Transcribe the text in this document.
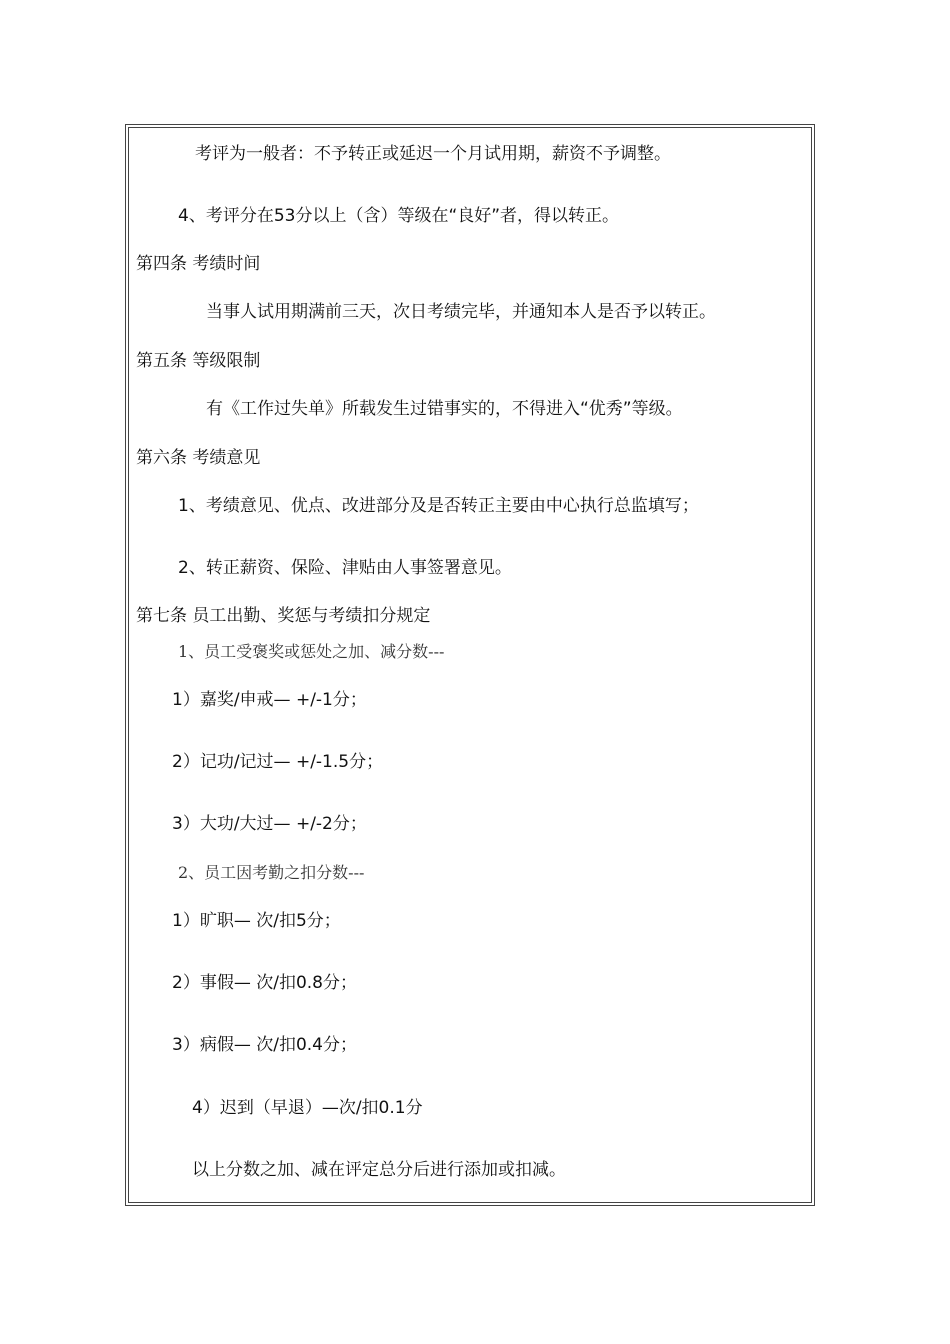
考评为一般者：不予转正或延迟一个月试用期，薪资不予调整。
4、考评分在53分以上（含）等级在“良好”者，得以转正。
第四条 考绩时间
当事人试用期满前三天，次日考绩完毕，并通知本人是否予以转正。
第五条 等级限制
有《工作过失单》所载发生过错事实的，不得进入“优秀”等级。
第六条 考绩意见
1、考绩意见、优点、改进部分及是否转正主要由中心执行总监填写；
2、转正薪资、保险、津贴由人事签署意见。
第七条 员工出勤、奖惩与考绩扣分规定
1、员工受褒奖或惩处之加、减分数---
1）嘉奖/申戒— +/-1分；
2）记功/记过— +/-1.5分；
3）大功/大过— +/-2分；
2、员工因考勤之扣分数---
1）旷职— 次/扣5分；
2）事假— 次/扣0.8分；
3）病假— 次/扣0.4分；
4）迟到（早退）—次/扣0.1分
以上分数之加、减在评定总分后进行添加或扣减。
